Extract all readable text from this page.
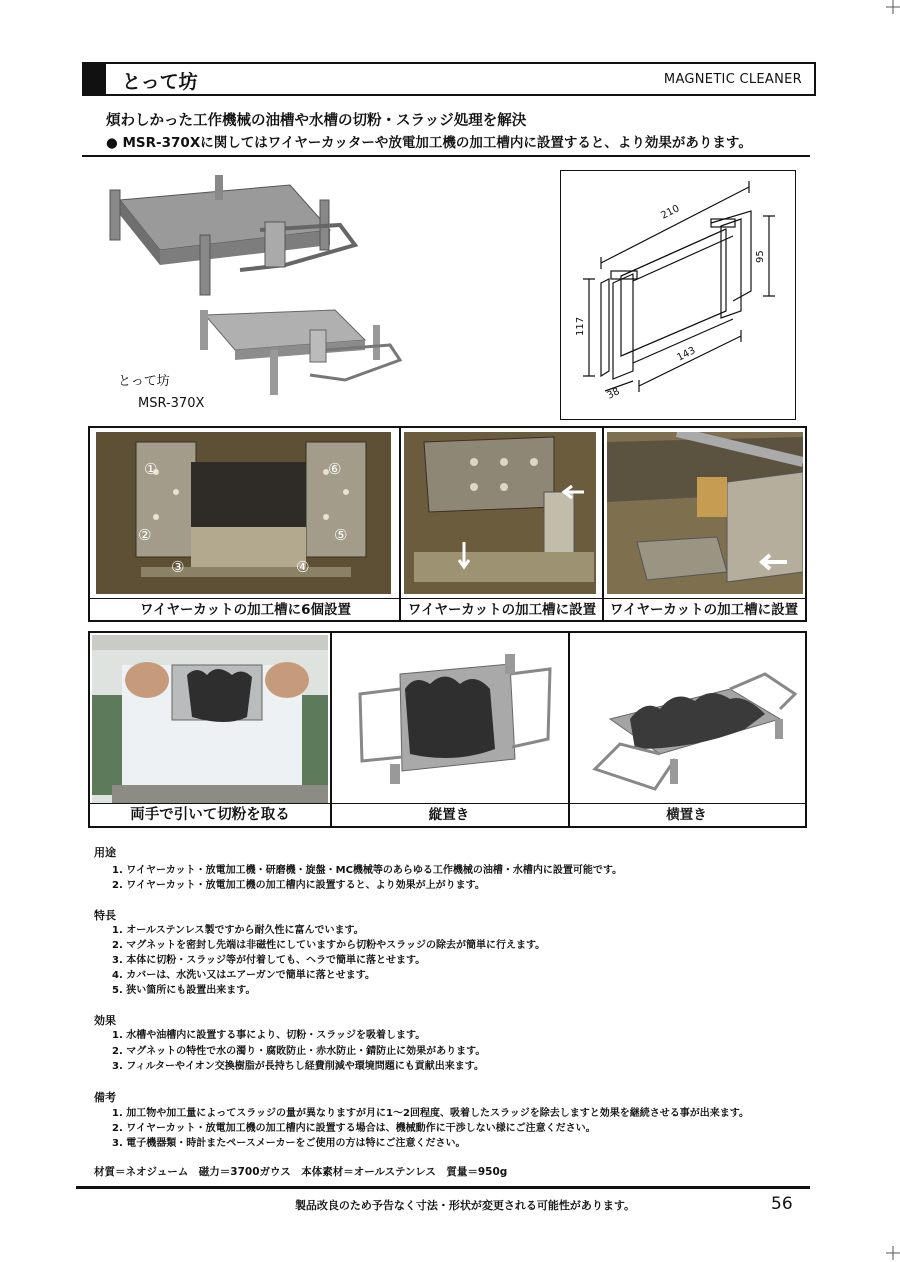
とって坊	MAGNETIC CLEANER
煩わしかった工作機械の油槽や水槽の切粉・スラッジ処理を解決
● MSR-370Xに関してはワイヤーカッターや放電加工機の加工槽内に設置すると、より効果があります。
とって坊
MSR-370X
210
95
117
143
38
①
②
③	④
⑤
⑥
ワイヤーカットの加工槽に6個設置	ワイヤーカットの加工槽に設置	ワイヤーカットの加工槽に設置
両手で引いて切粉を取る	縦置き	横置き
用途
1. ワイヤーカット・放電加工機・研磨機・旋盤・MC機械等のあらゆる工作機械の油槽・水槽内に設置可能です。
2. ワイヤーカット・放電加工機の加工槽内に設置すると、より効果が上がります。
特長
1. オールステンレス製ですから耐久性に富んでいます。
2. マグネットを密封し先端は非磁性にしていますから切粉やスラッジの除去が簡単に行えます。
3. 本体に切粉・スラッジ等が付着しても、ヘラで簡単に落とせます。
4. カバーは、水洗い又はエアーガンで簡単に落とせます。
5. 狭い箇所にも設置出来ます。
効果
1. 水槽や油槽内に設置する事により、切粉・スラッジを吸着します。
2. マグネットの特性で水の濁り・腐敗防止・赤水防止・錆防止に効果があります。
3. フィルターやイオン交換樹脂が長持ちし経費削減や環境問題にも貢献出来ます。
備考
1. 加工物や加工量によってスラッジの量が異なりますが月に1～2回程度、吸着したスラッジを除去しますと効果を継続させる事が出来ます。
2. ワイヤーカット・放電加工機の加工槽内に設置する場合は、機械動作に干渉しない様にご注意ください。
3. 電子機器類・時計またペースメーカーをご使用の方は特にご注意ください。
材質＝ネオジューム　磁力＝3700ガウス　本体素材＝オールステンレス　質量＝950g
製品改良のため予告なく寸法・形状が変更される可能性があります。	56
